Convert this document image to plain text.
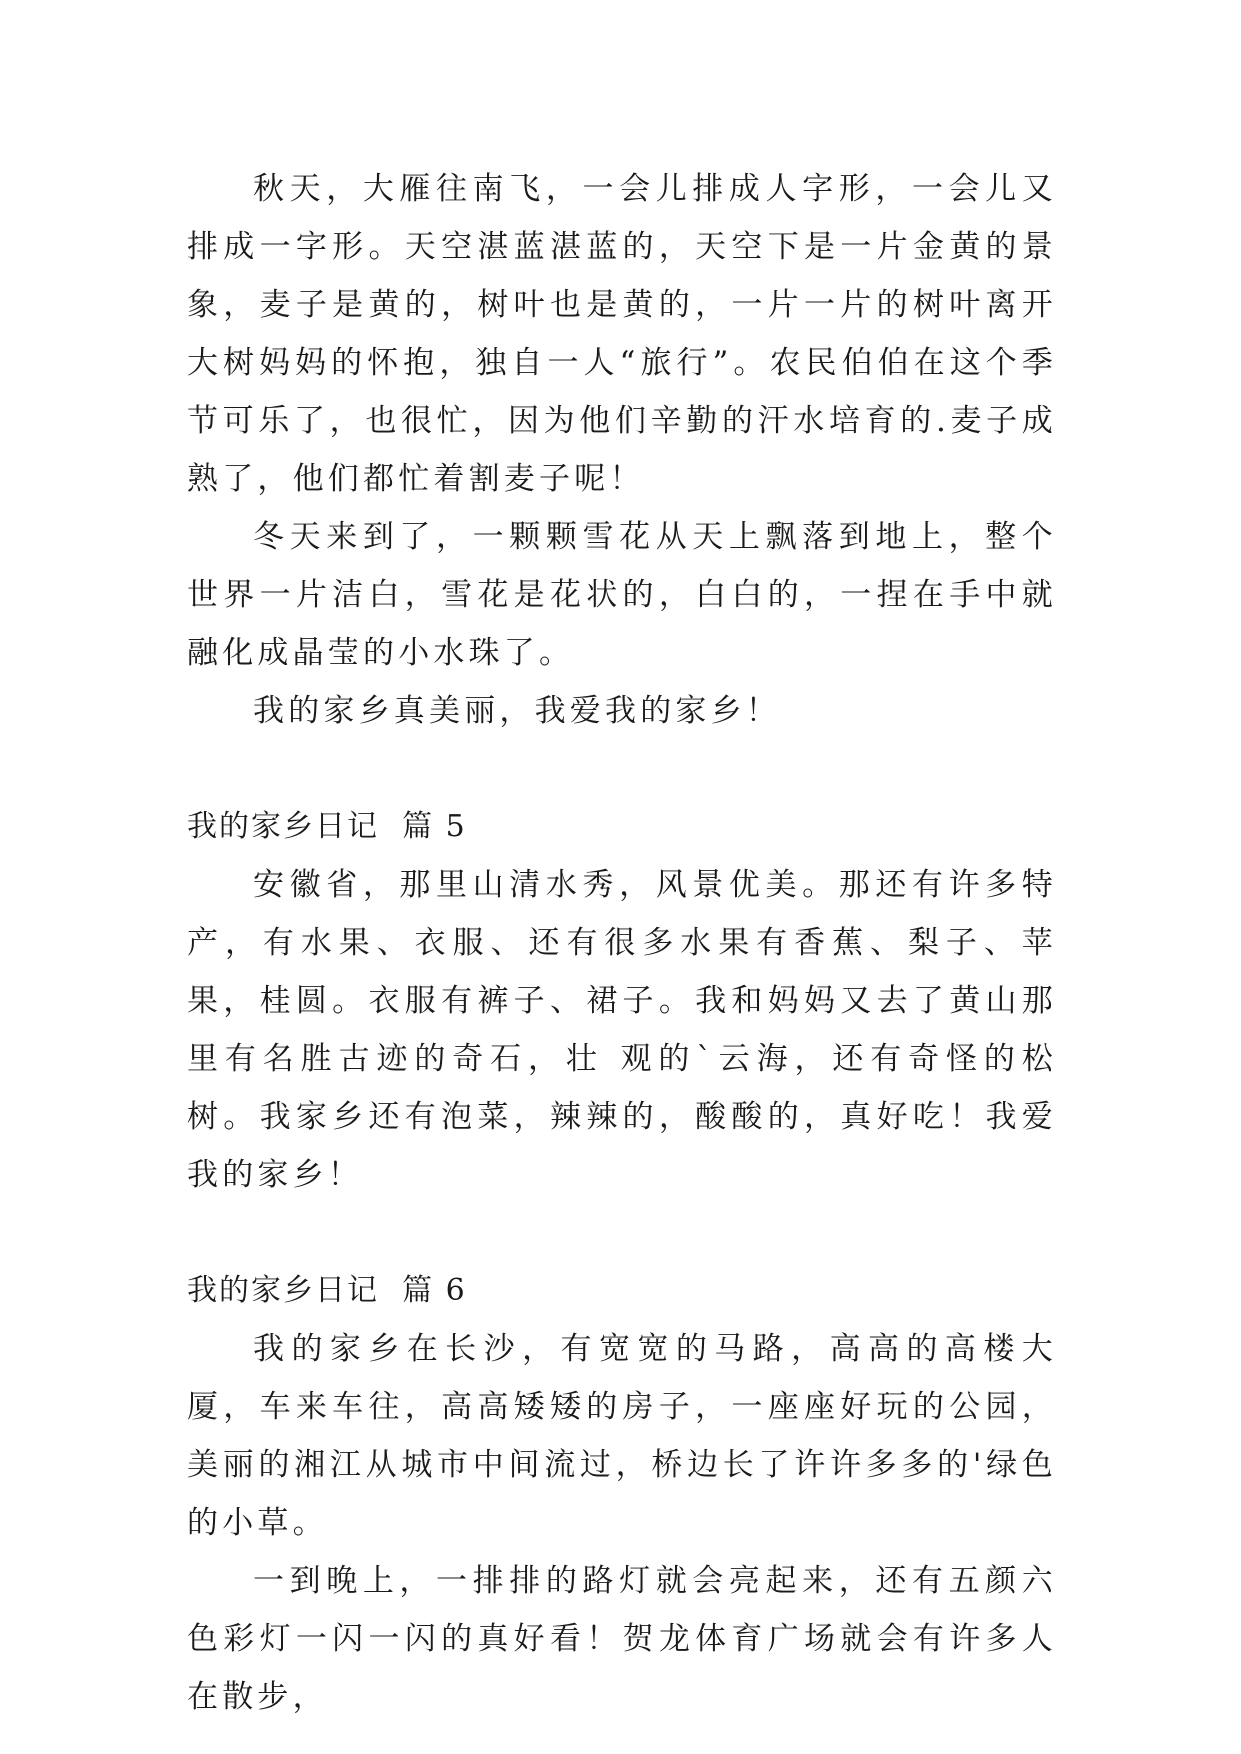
秋天，大雁往南飞，一会儿排成人字形，一会儿又排成一字形。天空湛蓝湛蓝的，天空下是一片金黄的景象，麦子是黄的，树叶也是黄的，一片一片的树叶离开大树妈妈的怀抱，独自一人“旅行”。农民伯伯在这个季节可乐了，也很忙，因为他们辛勤的汗水培育的.麦子成熟了，他们都忙着割麦子呢！

冬天来到了，一颗颗雪花从天上飘落到地上，整个世界一片洁白，雪花是花状的，白白的，一捏在手中就融化成晶莹的小水珠了。

我的家乡真美丽，我爱我的家乡！

我的家乡日记  篇 5

安徽省，那里山清水秀，风景优美。那还有许多特产，有水果、衣服、还有很多水果有香蕉、梨子、苹果，桂圆。衣服有裤子、裙子。我和妈妈又去了黄山那里有名胜古迹的奇石，壮 观的`云海，还有奇怪的松树。我家乡还有泡菜，辣辣的，酸酸的，真好吃！我爱我的家乡！

我的家乡日记  篇 6

我的家乡在长沙，有宽宽的马路，高高的高楼大厦，车来车往，高高矮矮的房子，一座座好玩的公园，美丽的湘江从城市中间流过，桥边长了许许多多的'绿色的小草。

一到晚上，一排排的路灯就会亮起来，还有五颜六色彩灯一闪一闪的真好看！贺龙体育广场就会有许多人在散步，
